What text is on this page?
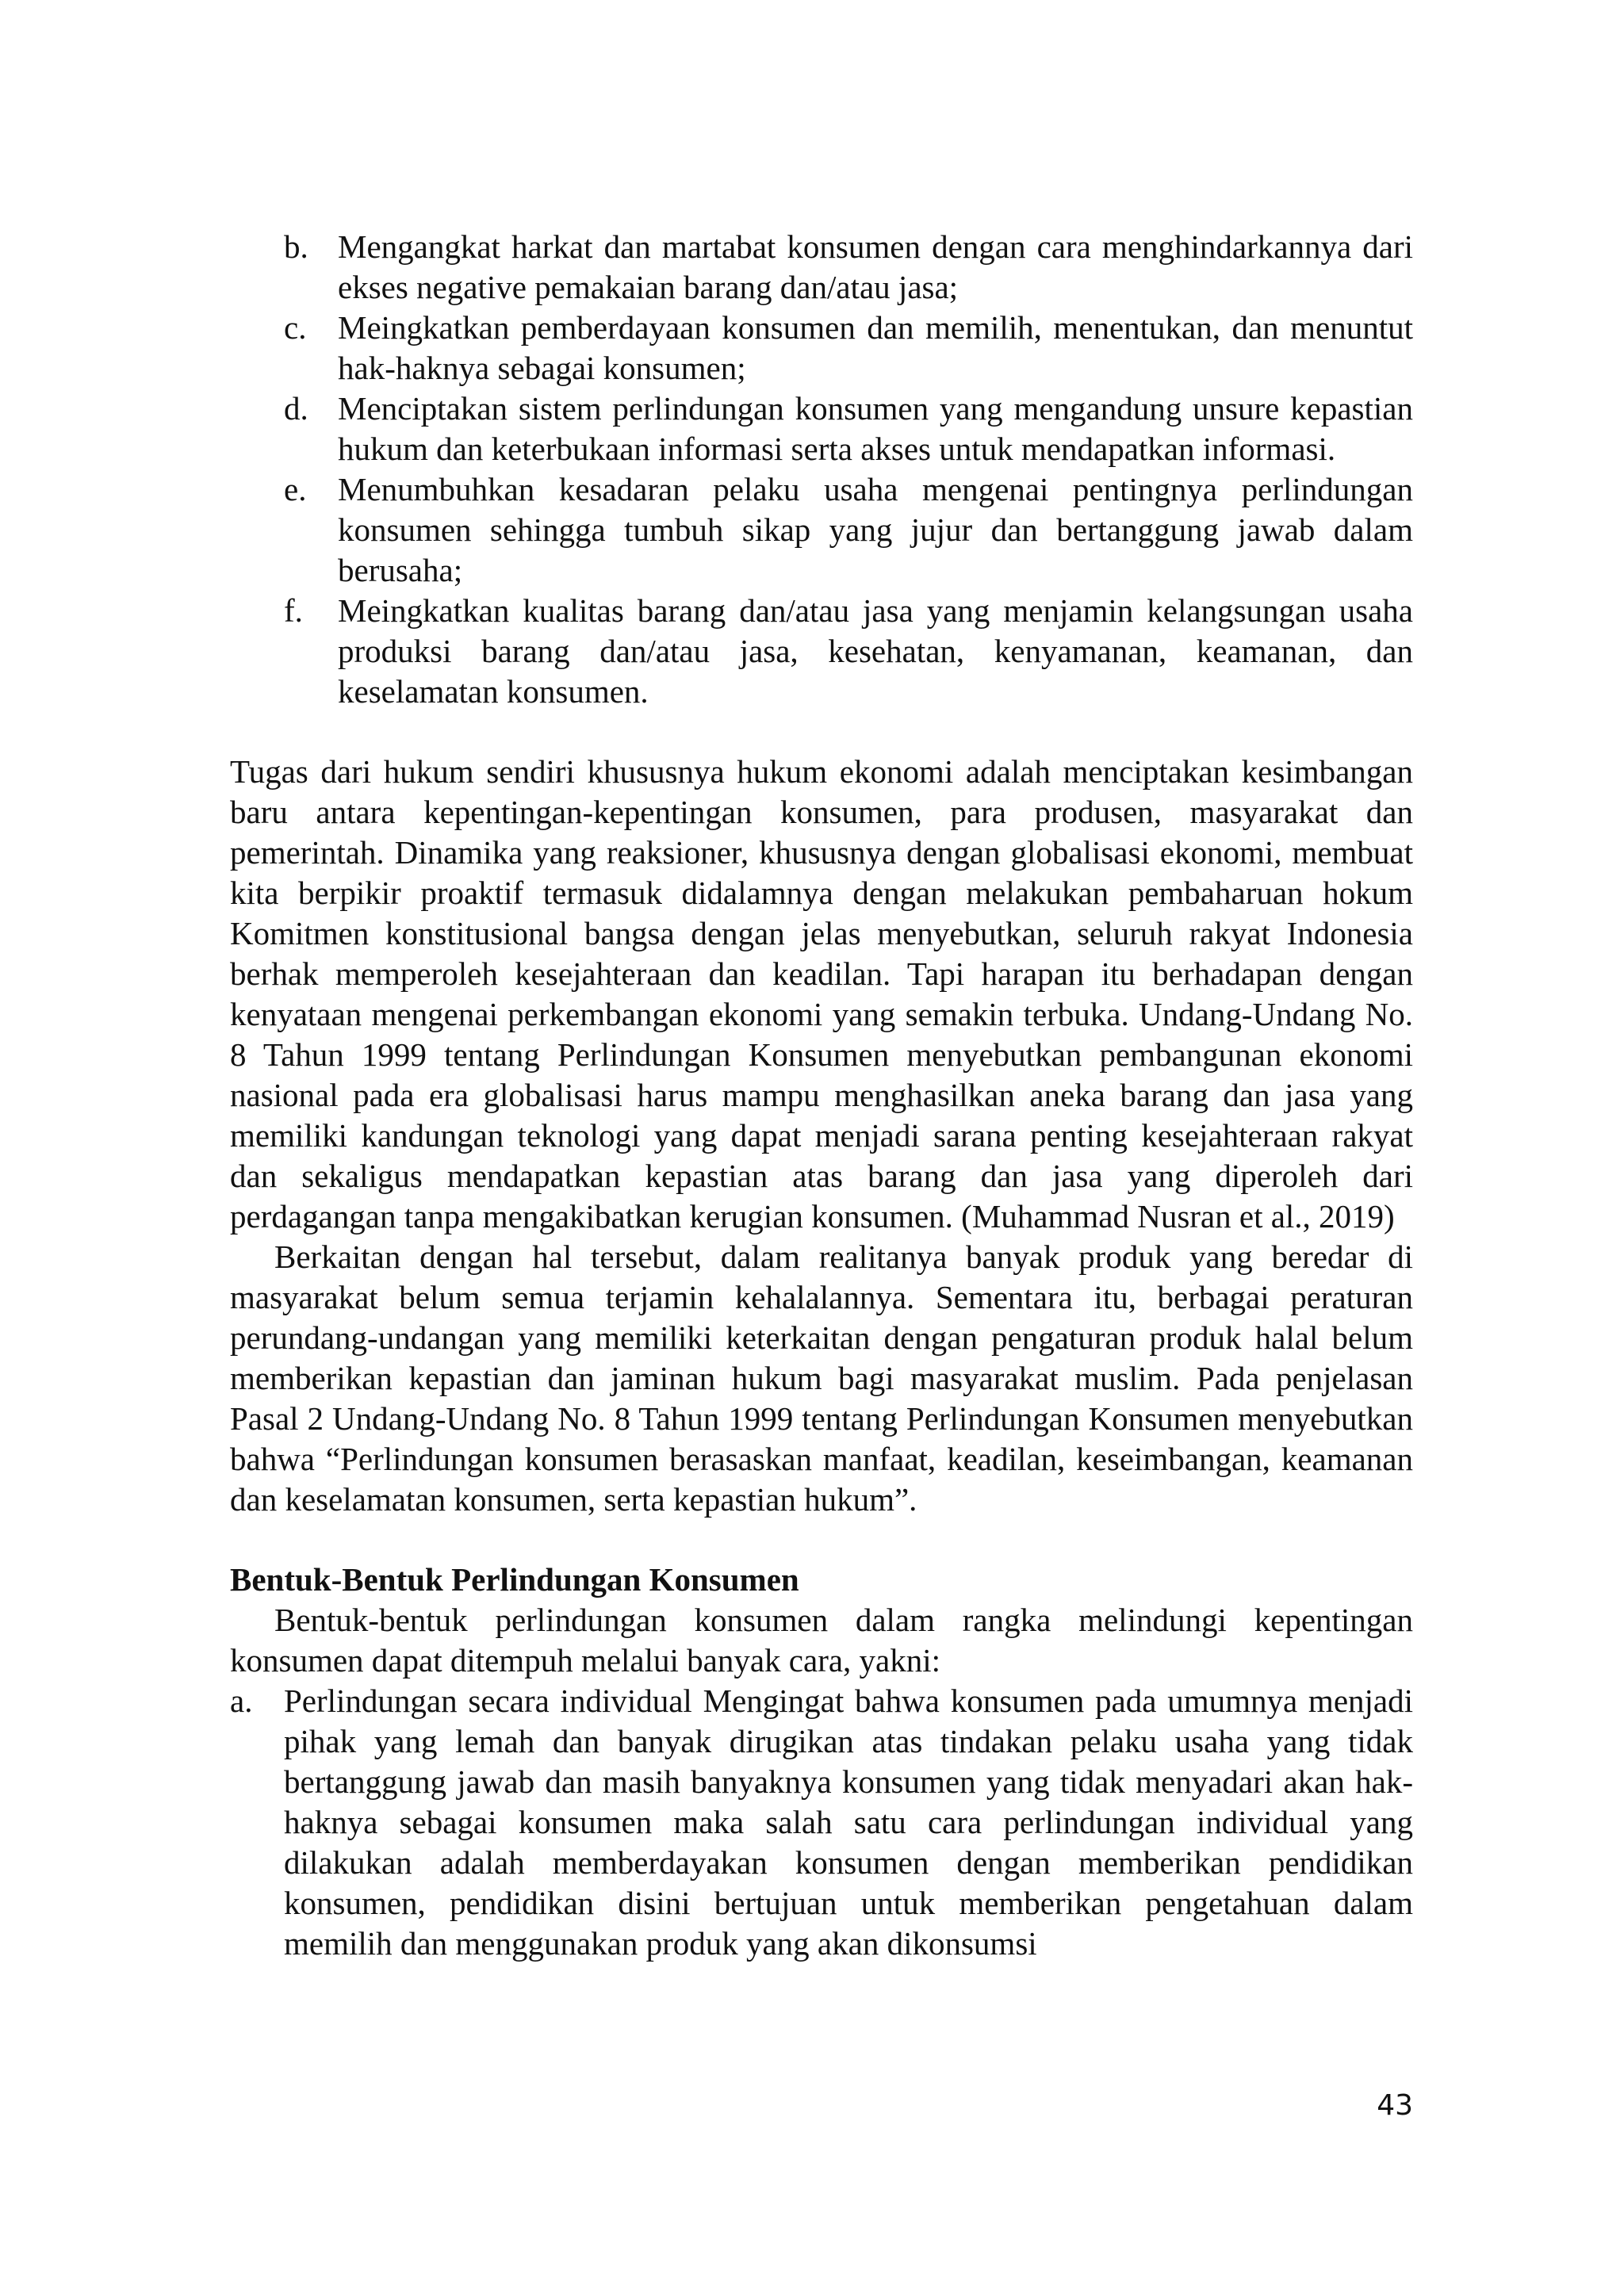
b. Mengangkat harkat dan martabat konsumen dengan cara menghindarkannya dari ekses negative pemakaian barang dan/atau jasa;
c. Meingkatkan pemberdayaan konsumen dan memilih, menentukan, dan menuntut hak-haknya sebagai konsumen;
d. Menciptakan sistem perlindungan konsumen yang mengandung unsure kepastian hukum dan keterbukaan informasi serta akses untuk mendapatkan informasi.
e. Menumbuhkan kesadaran pelaku usaha mengenai pentingnya perlindungan konsumen sehingga tumbuh sikap yang jujur dan bertanggung jawab dalam berusaha;
f.	Meingkatkan kualitas barang dan/atau jasa yang menjamin kelangsungan usaha produksi barang dan/atau jasa, kesehatan, kenyamanan, keamanan, dan keselamatan konsumen.

Tugas dari hukum sendiri khususnya hukum ekonomi adalah menciptakan kesimbangan baru antara kepentingan-kepentingan konsumen, para produsen, masyarakat dan pemerintah. Dinamika yang reaksioner, khususnya dengan globalisasi ekonomi, membuat kita berpikir proaktif termasuk didalamnya dengan melakukan pembaharuan hokum Komitmen konstitusional bangsa dengan jelas menyebutkan, seluruh rakyat Indonesia berhak memperoleh kesejahteraan dan keadilan. Tapi harapan itu berhadapan dengan kenyataan mengenai perkembangan ekonomi yang semakin terbuka. Undang-Undang No. 8 Tahun 1999 tentang Perlindungan Konsumen menyebutkan pembangunan ekonomi nasional pada era globalisasi harus mampu menghasilkan aneka barang dan jasa yang memiliki kandungan teknologi yang dapat menjadi sarana penting kesejahteraan rakyat dan sekaligus mendapatkan kepastian atas barang dan jasa yang diperoleh dari perdagangan tanpa mengakibatkan kerugian konsumen. (Muhammad Nusran et al., 2019)

Berkaitan dengan hal tersebut, dalam realitanya banyak produk yang beredar di masyarakat belum semua terjamin kehalalannya. Sementara itu, berbagai peraturan perundang-undangan yang memiliki keterkaitan dengan pengaturan produk halal belum memberikan kepastian dan jaminan hukum bagi masyarakat muslim. Pada penjelasan Pasal 2 Undang-Undang No. 8 Tahun 1999 tentang Perlindungan Konsumen menyebutkan bahwa “Perlindungan konsumen berasaskan manfaat, keadilan, keseimbangan, keamanan dan keselamatan konsumen, serta kepastian hukum”.

Bentuk-Bentuk Perlindungan Konsumen

Bentuk-bentuk perlindungan konsumen dalam rangka melindungi kepentingan konsumen dapat ditempuh melalui banyak cara, yakni:

a. Perlindungan secara individual Mengingat bahwa konsumen pada umumnya menjadi pihak yang lemah dan banyak dirugikan atas tindakan pelaku usaha yang tidak bertanggung jawab dan masih banyaknya konsumen yang tidak menyadari akan hak-haknya sebagai konsumen maka salah satu cara perlindungan individual yang dilakukan adalah memberdayakan konsumen dengan memberikan pendidikan konsumen, pendidikan disini bertujuan untuk memberikan pengetahuan dalam memilih dan menggunakan produk yang akan dikonsumsi
43
